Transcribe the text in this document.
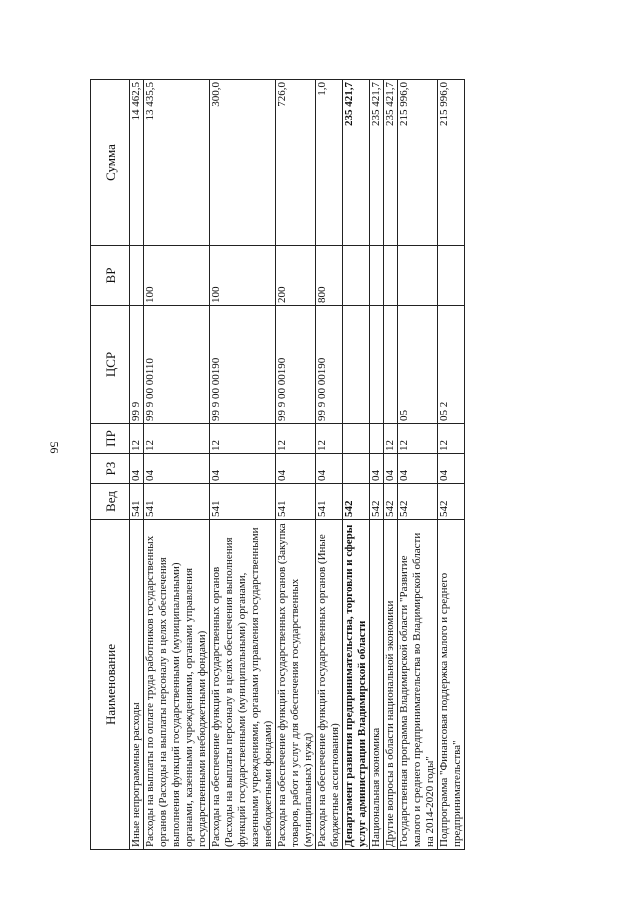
56
Наименование	Вед	РЗ	ПР	ЦСР	ВР	Сумма
Иные непрограммные расходы	541	04	12	99 9		14 462,5
Расходы на выплаты по оплате труда работников государственных органов (Расходы на выплаты персоналу в целях обеспечения выполнения функций государственными (муниципальными) органами, казенными учреждениями, органами управления государственными внебюджетными фондами)	541	04	12	99 9 00 00110	100	13 435,5
Расходы на обеспечение функций государственных органов (Расходы на выплаты персоналу в целях обеспечения выполнения функций государственными (муниципальными) органами, казенными учреждениями, органами управления государственными внебюджетными фондами)	541	04	12	99 9 00 00190	100	300,0
Расходы на обеспечение функций государственных органов (Закупка товаров, работ и услуг для обеспечения государственных (муниципальных) нужд)	541	04	12	99 9 00 00190	200	726,0
Расходы на обеспечение функций государственных органов (Иные бюджетные ассигнования)	541	04	12	99 9 00 00190	800	1,0
Департамент развития предпринимательства, торговли и сферы услуг администрации Владимирской области	542					235 421,7
Национальная экономика	542	04				235 421,7
Другие вопросы в области национальной экономики	542	04	12			235 421,7
Государственная программа Владимирской области "Развитие малого и среднего предпринимательства во Владимирской области на 2014-2020 годы"	542	04	12	05		215 996,0
Подпрограмма "Финансовая поддержка малого и среднего предпринимательства"	542	04	12	05 2		215 996,0
